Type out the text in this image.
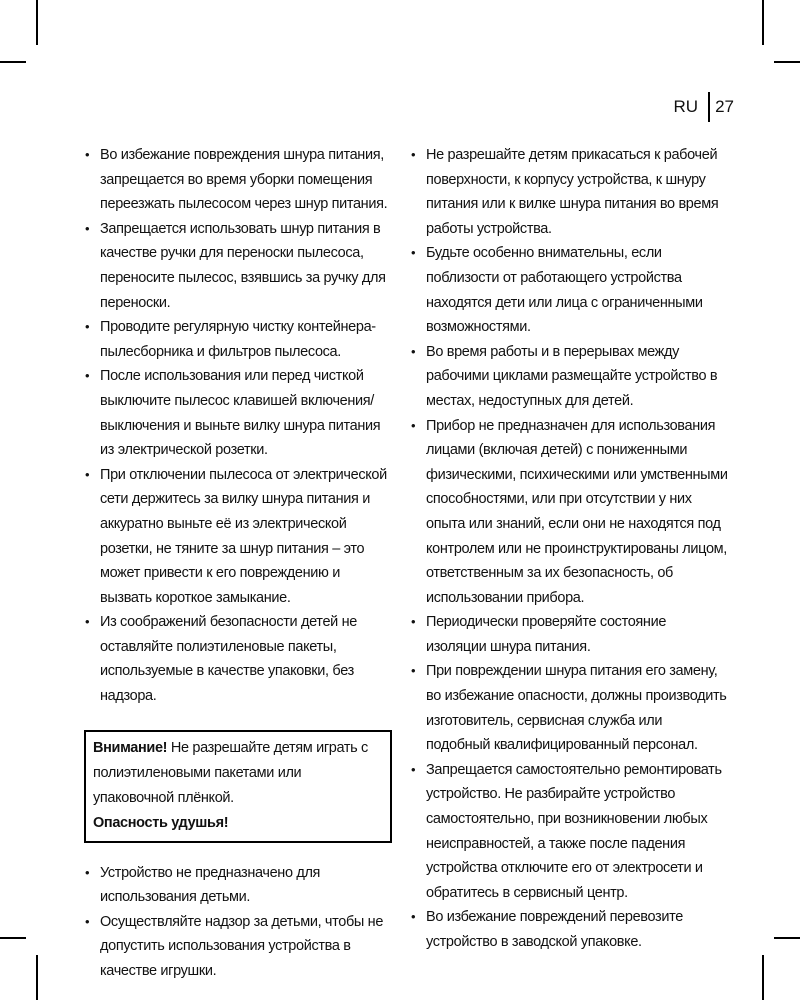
RU 27
• Во избежание повреждения шнура питания, запрещается во время уборки помещения переезжать пылесосом через шнур питания.
• Запрещается использовать шнур питания в качестве ручки для переноски пылесоса, переносите пылесос, взявшись за ручку для переноски.
• Проводите регулярную чистку контейнера-пылесборника и фильтров пылесоса.
• После использования или перед чисткой выключите пылесос клавишей включения/выключения и выньте вилку шнура питания из электрической розетки.
• При отключении пылесоса от электрической сети держитесь за вилку шнура питания и аккуратно выньте её из электрической розетки, не тяните за шнур питания – это может привести к его повреждению и вызвать короткое замыкание.
• Из соображений безопасности детей не оставляйте полиэтиленовые пакеты, используемые в качестве упаковки, без надзора.
Внимание! Не разрешайте детям играть с полиэтиленовыми пакетами или упаковочной плёнкой.
Опасность удушья!
• Устройство не предназначено для использования детьми.
• Осуществляйте надзор за детьми, чтобы не допустить использования устройства в качестве игрушки.
• Не разрешайте детям прикасаться к рабочей поверхности, к корпусу устройства, к шнуру питания или к вилке шнура питания во время работы устройства.
• Будьте особенно внимательны, если поблизости от работающего устройства находятся дети или лица с ограниченными возможностями.
• Во время работы и в перерывах между рабочими циклами размещайте устройство в местах, недоступных для детей.
• Прибор не предназначен для использования лицами (включая детей) с пониженными физическими, психическими или умственными способностями, или при отсутствии у них опыта или знаний, если они не находятся под контролем или не проинструктированы лицом, ответственным за их безопасность, об использовании прибора.
• Периодически проверяйте состояние изоляции шнура питания.
• При повреждении шнура питания его замену, во избежание опасности, должны производить изготовитель, сервисная служба или подобный квалифицированный персонал.
• Запрещается самостоятельно ремонтировать устройство. Не разбирайте устройство самостоятельно, при возникновении любых неисправностей, а также после падения устройства отключите его от электросети и обратитесь в сервисный центр.
• Во избежание повреждений перевозите устройство в заводской упаковке.
